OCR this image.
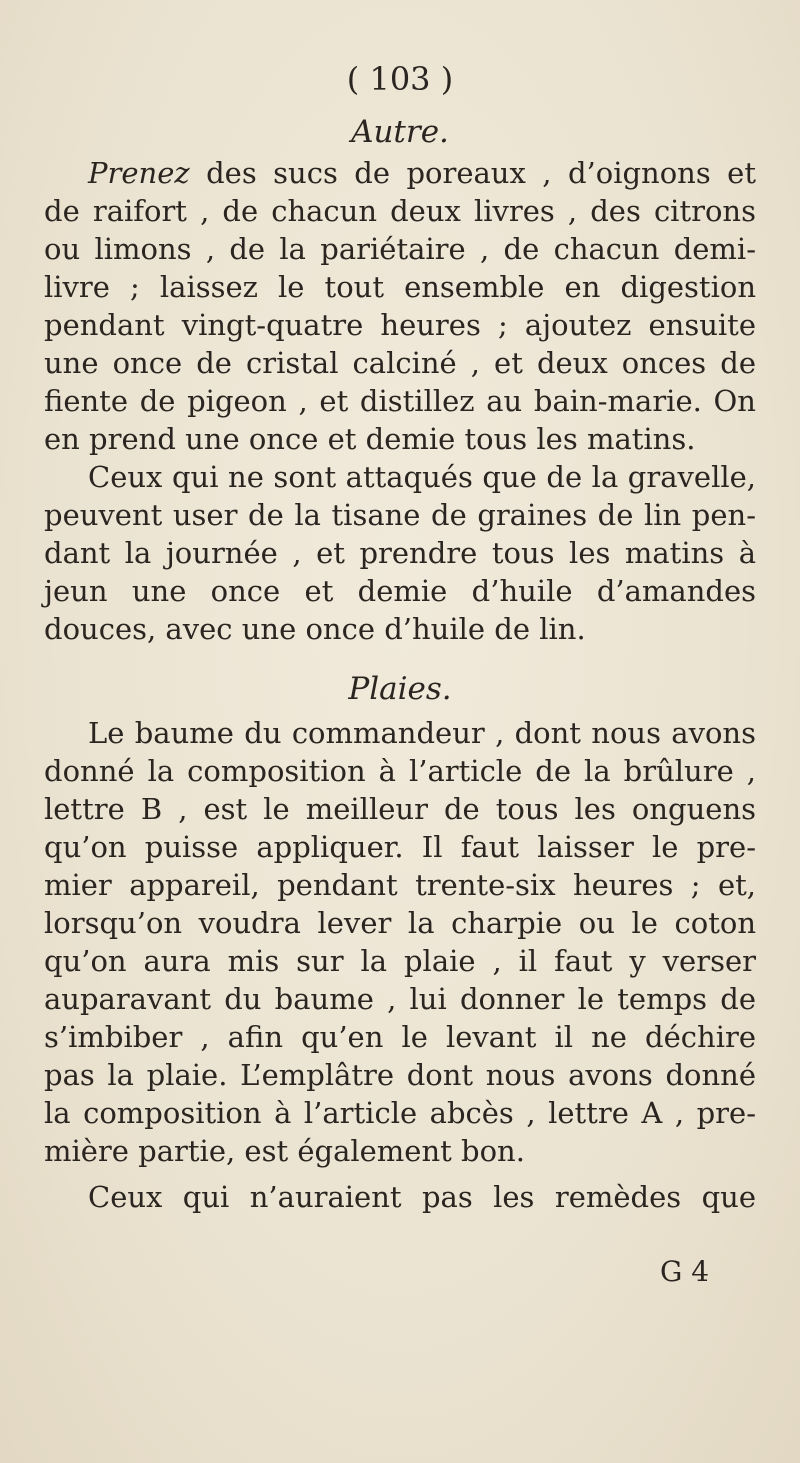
( 103 )
Autre.
Prenez des sucs de poreaux , d’oignons et
de raifort , de chacun deux livres , des citrons
ou limons , de la pariétaire , de chacun demi-
livre ; laissez le tout ensemble en digestion
pendant vingt-quatre heures ; ajoutez ensuite
une once de cristal calciné , et deux onces de
fiente de pigeon , et distillez au bain-marie. On
en prend une once et demie tous les matins.
Ceux qui ne sont attaqués que de la gravelle,
peuvent user de la tisane de graines de lin pen-
dant la journée , et prendre tous les matins à
jeun une once et demie d’huile d’amandes
douces, avec une once d’huile de lin.
Plaies.
Le baume du commandeur , dont nous avons
donné la composition à l’article de la brûlure ,
lettre B , est le meilleur de tous les onguens
qu’on puisse appliquer. Il faut laisser le pre-
mier appareil, pendant trente-six heures ; et,
lorsqu’on voudra lever la charpie ou le coton
qu’on aura mis sur la plaie , il faut y verser
auparavant du baume , lui donner le temps de
s’imbiber , afin qu’en le levant il ne déchire
pas la plaie. L’emplâtre dont nous avons donné
la composition à l’article abcès , lettre A , pre-
mière partie, est également bon.
Ceux qui n’auraient pas les remèdes que
G 4
